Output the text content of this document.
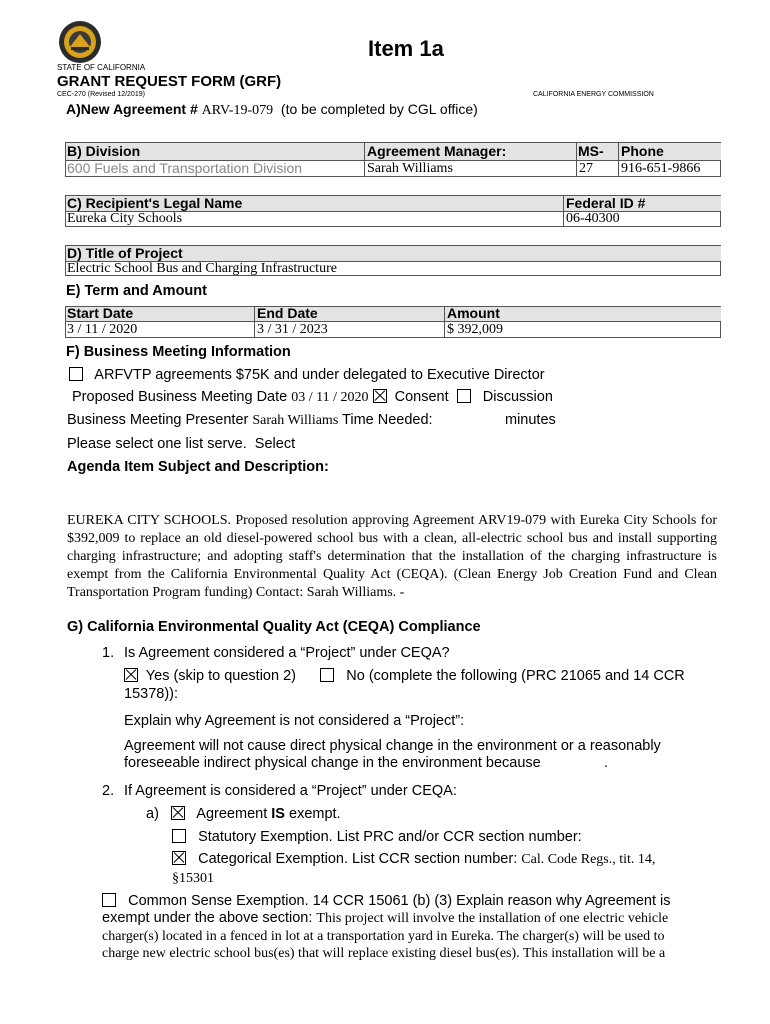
Item 1a
STATE OF CALIFORNIA
GRANT REQUEST FORM (GRF)
CEC-270 (Revised 12/2019)	CALIFORNIA ENERGY COMMISSION
A)New Agreement # ARV-19-079 (to be completed by CGL office)
B) Division	Agreement Manager:	MS- Phone
600 Fuels and Transportation Division	Sarah Williams	27 916-651-9866
C) Recipient's Legal Name	Federal ID #
Eureka City Schools	06-40300
D) Title of Project
Electric School Bus and Charging Infrastructure
E) Term and Amount
Start Date	End Date	Amount
3 / 11 / 2020	3 / 31 / 2023	$ 392,009
F) Business Meeting Information
ARFVTP agreements $75K and under delegated to Executive Director
Proposed Business Meeting Date 03 / 11 / 2020 Consent Discussion
Business Meeting Presenter Sarah Williams Time Needed:	minutes
Please select one list serve. Select
Agenda Item Subject and Description:
EUREKA CITY SCHOOLS. Proposed resolution approving Agreement ARV19-079 with Eureka City Schools for $392,009 to replace an old diesel-powered school bus with a clean, all-electric school bus and install supporting charging infrastructure; and adopting staff's determination that the installation of the charging infrastructure is exempt from the California Environmental Quality Act (CEQA). (Clean Energy Job Creation Fund and Clean Transportation Program funding) Contact: Sarah Williams. -
G) California Environmental Quality Act (CEQA) Compliance
1. Is Agreement considered a “Project” under CEQA?
Yes (skip to question 2)	No (complete the following (PRC 21065 and 14 CCR
15378)):
Explain why Agreement is not considered a “Project”:
Agreement will not cause direct physical change in the environment or a reasonably
foreseeable indirect physical change in the environment because	.
2. If Agreement is considered a “Project” under CEQA:
a)	Agreement IS exempt.
Statutory Exemption. List PRC and/or CCR section number:
Categorical Exemption. List CCR section number: Cal. Code Regs., tit. 14,
§15301
Common Sense Exemption. 14 CCR 15061 (b) (3) Explain reason why Agreement is
exempt under the above section: This project will involve the installation of one electric vehicle
charger(s) located in a fenced in lot at a transportation yard in Eureka. The charger(s) will be used to
charge new electric school bus(es) that will replace existing diesel bus(es). This installation will be a
